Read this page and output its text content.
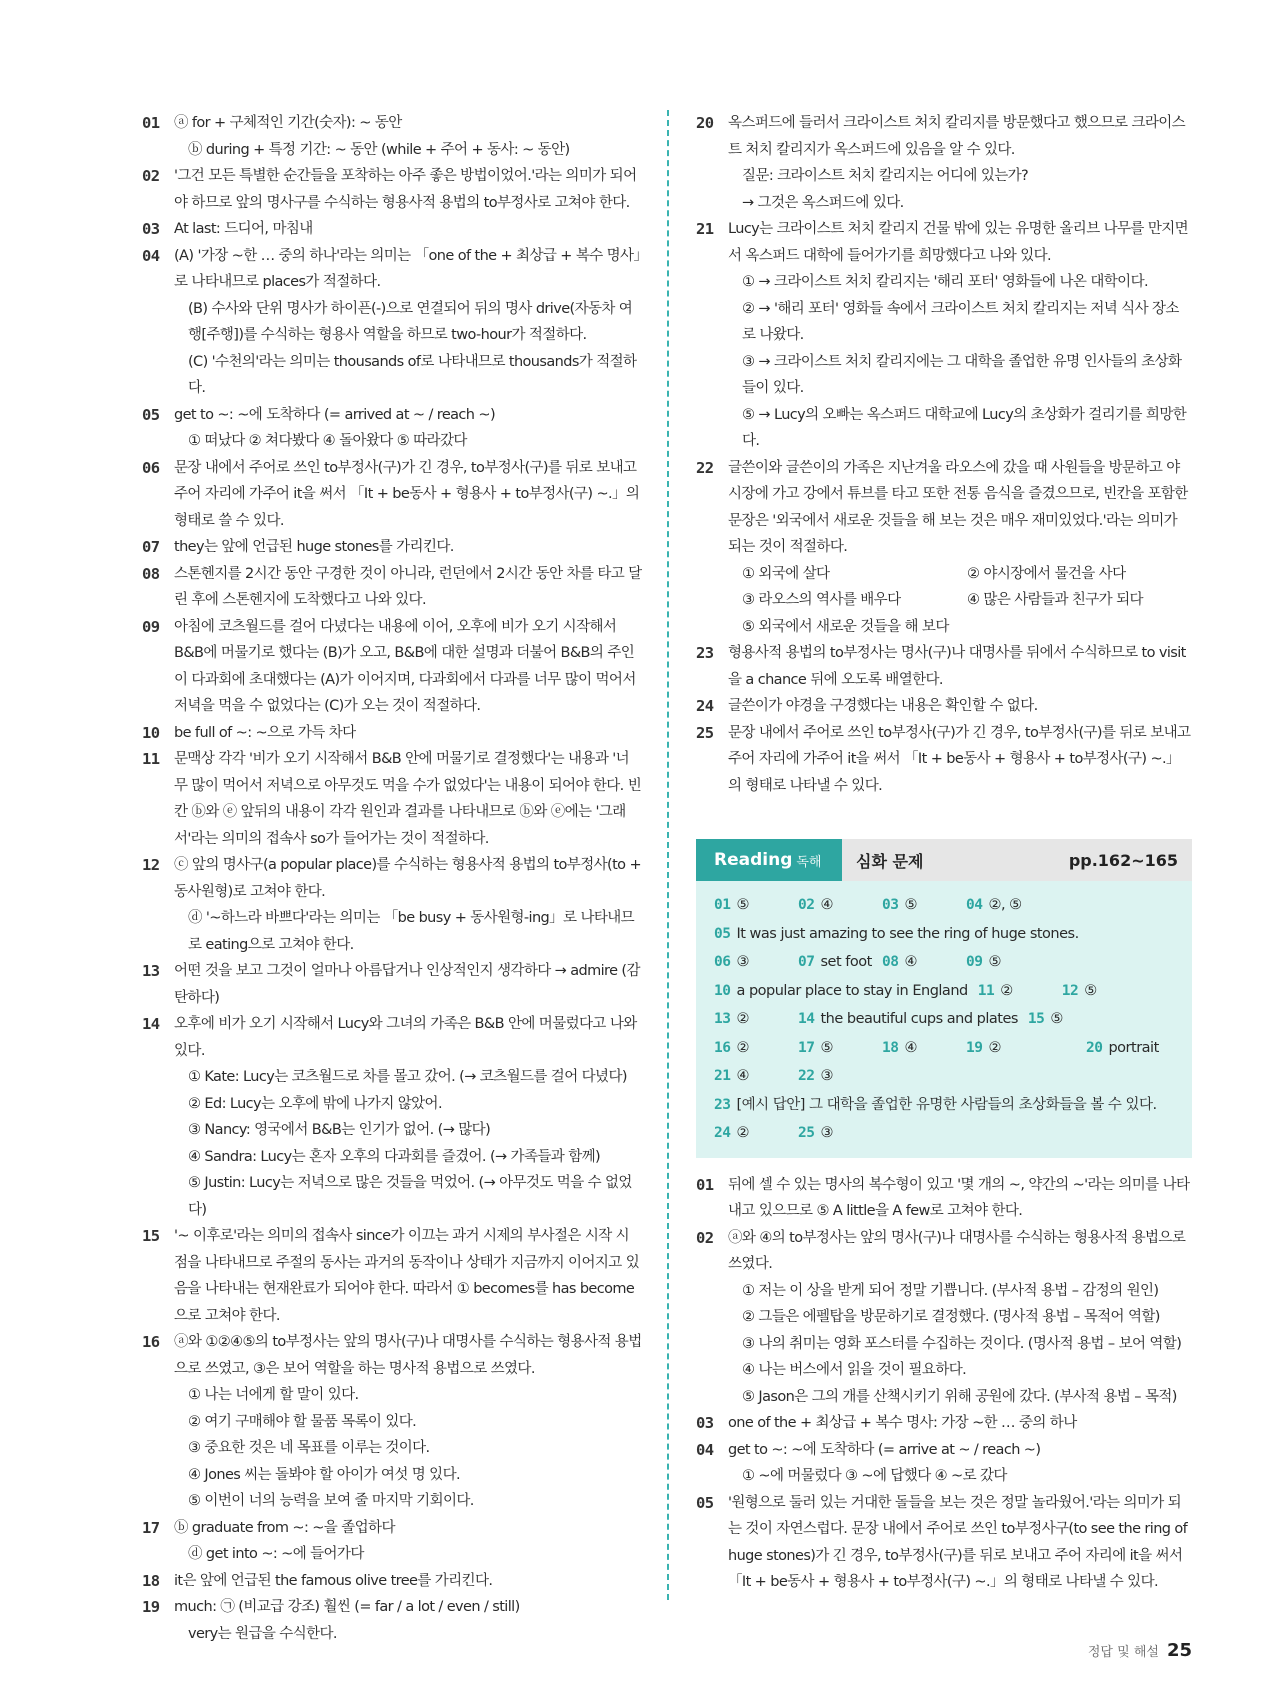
01	ⓐ for + 구체적인 기간(숫자): ~ 동안

ⓑ during + 특정 기간: ~ 동안 (while + 주어 + 동사: ~ 동안)

02	'그건 모든 특별한 순간들을 포착하는 아주 좋은 방법이었어.'라는 의미가 되어야 하므로 앞의 명사구를 수식하는 형용사적 용법의 to부정사로 고쳐야 한다.

03	At last: 드디어, 마침내

04	(A) '가장 ~한 … 중의 하나'라는 의미는 「one of the + 최상급 + 복수 명사」로 나타내므로 places가 적절하다.

(B) 수사와 단위 명사가 하이픈(-)으로 연결되어 뒤의 명사 drive(자동차 여행[주행])를 수식하는 형용사 역할을 하므로 two-hour가 적절하다.

(C) '수천의'라는 의미는 thousands of로 나타내므로 thousands가 적절하다.

05	get to ~: ~에 도착하다 (= arrived at ~ / reach ~)

① 떠났다 ② 쳐다봤다 ④ 돌아왔다 ⑤ 따라갔다

06	문장 내에서 주어로 쓰인 to부정사(구)가 긴 경우, to부정사(구)를 뒤로 보내고 주어 자리에 가주어 it을 써서 「It + be동사 + 형용사 + to부정사(구) ~.」의 형태로 쓸 수 있다.

07	they는 앞에 언급된 huge stones를 가리킨다.

08	스톤헨지를 2시간 동안 구경한 것이 아니라, 런던에서 2시간 동안 차를 타고 달린 후에 스톤헨지에 도착했다고 나와 있다.

09	아침에 코츠월드를 걸어 다녔다는 내용에 이어, 오후에 비가 오기 시작해서 B&B에 머물기로 했다는 (B)가 오고, B&B에 대한 설명과 더불어 B&B의 주인이 다과회에 초대했다는 (A)가 이어지며, 다과회에서 다과를 너무 많이 먹어서 저녁을 먹을 수 없었다는 (C)가 오는 것이 적절하다.

10	be full of ~: ~으로 가득 차다

11	문맥상 각각 '비가 오기 시작해서 B&B 안에 머물기로 결정했다'는 내용과 '너무 많이 먹어서 저녁으로 아무것도 먹을 수가 없었다'는 내용이 되어야 한다. 빈칸 ⓑ와 ⓔ 앞뒤의 내용이 각각 원인과 결과를 나타내므로 ⓑ와 ⓔ에는 '그래서'라는 의미의 접속사 so가 들어가는 것이 적절하다.

12	ⓒ 앞의 명사구(a popular place)를 수식하는 형용사적 용법의 to부정사(to + 동사원형)로 고쳐야 한다.

ⓓ '~하느라 바쁘다'라는 의미는 「be busy + 동사원형-ing」로 나타내므로 eating으로 고쳐야 한다.

13	어떤 것을 보고 그것이 얼마나 아름답거나 인상적인지 생각하다 → admire (감탄하다)

14	오후에 비가 오기 시작해서 Lucy와 그녀의 가족은 B&B 안에 머물렀다고 나와 있다.

① Kate: Lucy는 코츠월드로 차를 몰고 갔어. (→ 코츠월드를 걸어 다녔다)

② Ed: Lucy는 오후에 밖에 나가지 않았어.

③ Nancy: 영국에서 B&B는 인기가 없어. (→ 많다)

④ Sandra: Lucy는 혼자 오후의 다과회를 즐겼어. (→ 가족들과 함께)

⑤ Justin: Lucy는 저녁으로 많은 것들을 먹었어. (→ 아무것도 먹을 수 없었다)

15	'~ 이후로'라는 의미의 접속사 since가 이끄는 과거 시제의 부사절은 시작 시점을 나타내므로 주절의 동사는 과거의 동작이나 상태가 지금까지 이어지고 있음을 나타내는 현재완료가 되어야 한다. 따라서 ① becomes를 has become으로 고쳐야 한다.

16	ⓐ와 ①②④⑤의 to부정사는 앞의 명사(구)나 대명사를 수식하는 형용사적 용법으로 쓰였고, ③은 보어 역할을 하는 명사적 용법으로 쓰였다.

① 나는 너에게 할 말이 있다.

② 여기 구매해야 할 물품 목록이 있다.

③ 중요한 것은 네 목표를 이루는 것이다.

④ Jones 씨는 돌봐야 할 아이가 여섯 명 있다.

⑤ 이번이 너의 능력을 보여 줄 마지막 기회이다.

17	ⓑ graduate from ~: ~을 졸업하다

ⓓ get into ~: ~에 들어가다

18	it은 앞에 언급된 the famous olive tree를 가리킨다.

19	much: ㉠ (비교급 강조) 훨씬 (= far / a lot / even / still)

very는 원급을 수식한다.

20	옥스퍼드에 들러서 크라이스트 처치 칼리지를 방문했다고 했으므로 크라이스트 처치 칼리지가 옥스퍼드에 있음을 알 수 있다.

질문: 크라이스트 처치 칼리지는 어디에 있는가?

→ 그것은 옥스퍼드에 있다.

21	Lucy는 크라이스트 처치 칼리지 건물 밖에 있는 유명한 올리브 나무를 만지면서 옥스퍼드 대학에 들어가기를 희망했다고 나와 있다.

① → 크라이스트 처치 칼리지는 '해리 포터' 영화들에 나온 대학이다.

② → '해리 포터' 영화들 속에서 크라이스트 처치 칼리지는 저녁 식사 장소로 나왔다.

③ → 크라이스트 처치 칼리지에는 그 대학을 졸업한 유명 인사들의 초상화들이 있다.

⑤ → Lucy의 오빠는 옥스퍼드 대학교에 Lucy의 초상화가 걸리기를 희망한다.

22	글쓴이와 글쓴이의 가족은 지난겨울 라오스에 갔을 때 사원들을 방문하고 야시장에 가고 강에서 튜브를 타고 또한 전통 음식을 즐겼으므로, 빈칸을 포함한 문장은 '외국에서 새로운 것들을 해 보는 것은 매우 재미있었다.'라는 의미가 되는 것이 적절하다.

① 외국에 살다	② 야시장에서 물건을 사다
③ 라오스의 역사를 배우다	④ 많은 사람들과 친구가 되다
⑤ 외국에서 새로운 것들을 해 보다
23	형용사적 용법의 to부정사는 명사(구)나 대명사를 뒤에서 수식하므로 to visit을 a chance 뒤에 오도록 배열한다.

24	글쓴이가 야경을 구경했다는 내용은 확인할 수 없다.

25	문장 내에서 주어로 쓰인 to부정사(구)가 긴 경우, to부정사(구)를 뒤로 보내고 주어 자리에 가주어 it을 써서 「It + be동사 + 형용사 + to부정사(구) ~.」의 형태로 나타낼 수 있다.

Reading 독해	심화 문제	pp.162~165
01 ⑤	02 ④	03 ⑤	04 ②, ⑤
05 It was just amazing to see the ring of huge stones.
06 ③	07 set foot 08 ④	09 ⑤
10 a popular place to stay in England 11 ②	12 ⑤
13 ②	14 the beautiful cups and plates 15 ⑤
16 ②	17 ⑤	18 ④	19 ②	20 portrait
21 ④	22 ③
23 [예시 답안] 그 대학을 졸업한 유명한 사람들의 초상화들을 볼 수 있다.
24 ②	25 ③
01	뒤에 셀 수 있는 명사의 복수형이 있고 '몇 개의 ~, 약간의 ~'라는 의미를 나타내고 있으므로 ⑤ A little을 A few로 고쳐야 한다.

02	ⓐ와 ④의 to부정사는 앞의 명사(구)나 대명사를 수식하는 형용사적 용법으로 쓰였다.

① 저는 이 상을 받게 되어 정말 기쁩니다. (부사적 용법 – 감정의 원인)

② 그들은 에펠탑을 방문하기로 결정했다. (명사적 용법 – 목적어 역할)

③ 나의 취미는 영화 포스터를 수집하는 것이다. (명사적 용법 – 보어 역할)

④ 나는 버스에서 읽을 것이 필요하다.

⑤ Jason은 그의 개를 산책시키기 위해 공원에 갔다. (부사적 용법 – 목적)

03	one of the + 최상급 + 복수 명사: 가장 ~한 … 중의 하나

04	get to ~: ~에 도착하다 (= arrive at ~ / reach ~)

① ~에 머물렀다 ③ ~에 답했다 ④ ~로 갔다

05	'원형으로 둘러 있는 거대한 돌들을 보는 것은 정말 놀라웠어.'라는 의미가 되는 것이 자연스럽다. 문장 내에서 주어로 쓰인 to부정사구(to see the ring of huge stones)가 긴 경우, to부정사(구)를 뒤로 보내고 주어 자리에 it을 써서 「It + be동사 + 형용사 + to부정사(구) ~.」의 형태로 나타낼 수 있다.

정답 및 해설 25
